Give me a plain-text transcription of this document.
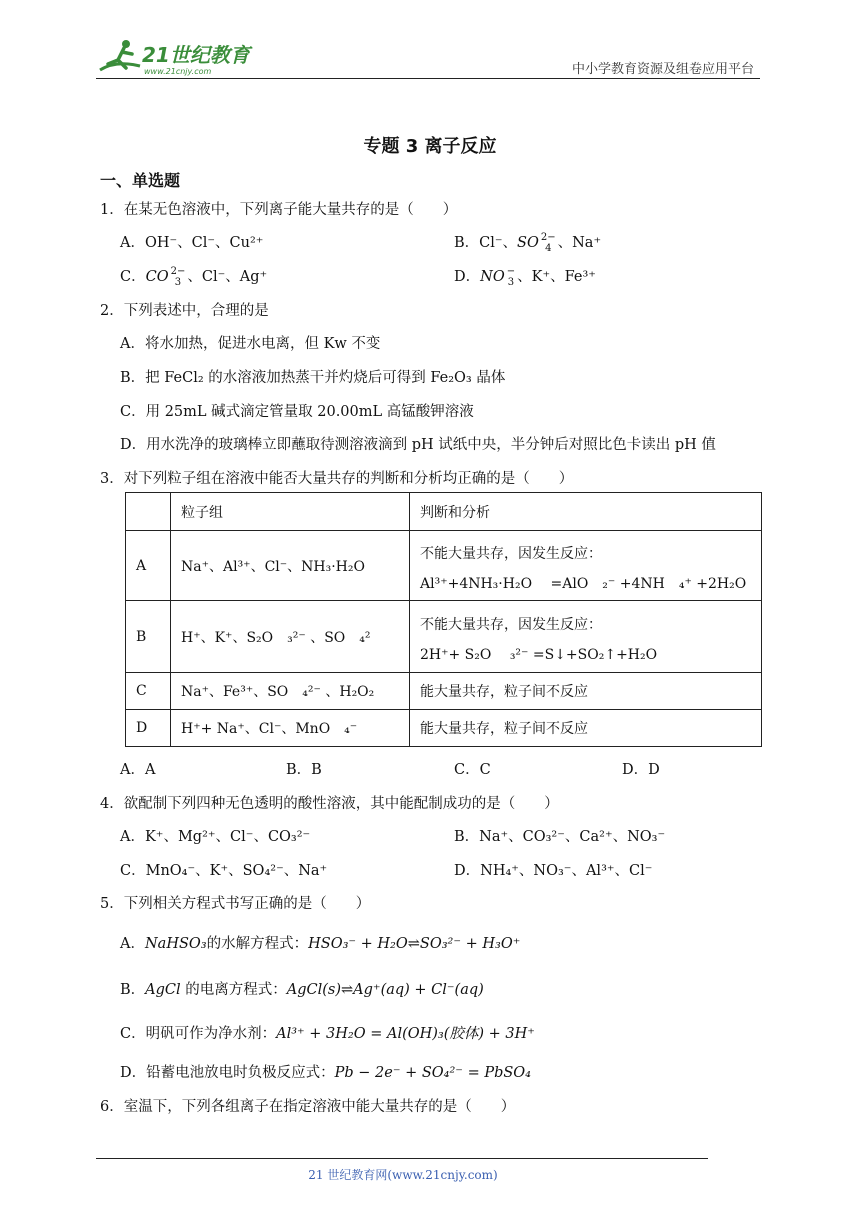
21世纪教育
www.21cnjy.com	中小学教育资源及组卷应用平台
专题 3 离子反应
一、单选题
1．在某无色溶液中，下列离子能大量共存的是（　　）
A．OH⁻、Cl⁻、Cu²⁺	B．Cl⁻、SO 2−
4 、Na⁺
C．CO 2−
3 、Cl⁻、Ag⁺	D．NO −
3 、K⁺、Fe³⁺
2．下列表述中，合理的是
A．将水加热，促进水电离，但 Kw 不变
B．把 FeCl₂ 的水溶液加热蒸干并灼烧后可得到 Fe₂O₃ 晶体
C．用 25mL 碱式滴定管量取 20.00mL 高锰酸钾溶液
D．用水洗净的玻璃棒立即蘸取待测溶液滴到 pH 试纸中央，半分钟后对照比色卡读出 pH 值
3．对下列粒子组在溶液中能否大量共存的判断和分析均正确的是（　　）
	粒子组	判断和分析
A	Na⁺、Al³⁺、Cl⁻、NH₃·H₂O	不能大量共存，因发生反应：
Al³⁺+4NH₃·H₂O　 =AlO　₂⁻ +4NH　₄⁺ +2H₂O

B	H⁺、K⁺、S₂O　₃²⁻ 、SO　₄²	不能大量共存，因发生反应：
2H⁺+ S₂O　 ₃²⁻ =S↓+SO₂↑+H₂O

C	Na⁺、Fe³⁺、SO　₄²⁻ 、H₂O₂	能大量共存，粒子间不反应
D	H⁺+ Na⁺、Cl⁻、MnO　₄⁻	能大量共存，粒子间不反应
A．A	B．B	C．C	D．D
4．欲配制下列四种无色透明的酸性溶液，其中能配制成功的是（　　）
A．K⁺、Mg²⁺、Cl⁻、CO₃²⁻	B．Na⁺、CO₃²⁻、Ca²⁺、NO₃⁻
C．MnO₄⁻、K⁺、SO₄²⁻、Na⁺	D．NH₄⁺、NO₃⁻、Al³⁺、Cl⁻
5．下列相关方程式书写正确的是（　　）
A．NaHSO₃的水解方程式：HSO₃⁻ + H₂O⇌SO₃²⁻ + H₃O⁺
B．AgCl 的电离方程式：AgCl(s)⇌Ag⁺(aq) + Cl⁻(aq)
C．明矾可作为净水剂：Al³⁺ + 3H₂O = Al(OH)₃(胶体) + 3H⁺
D．铅蓄电池放电时负极反应式：Pb − 2e⁻ + SO₄²⁻ = PbSO₄
6．室温下，下列各组离子在指定溶液中能大量共存的是（　　）
21 世纪教育网(www.21cnjy.com)
